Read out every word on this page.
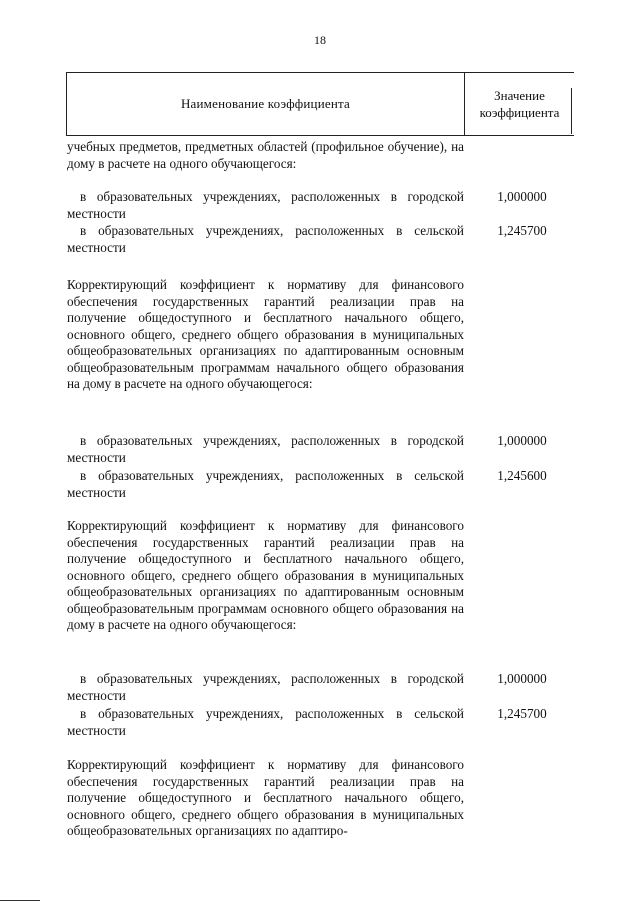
18
Наименование коэффициента
Значение
коэффициента
учебных предметов, предметных областей (профильное обучение), на дому в расчете на одного обучающегося:
в образовательных учреждениях, расположенных в городской местности
1,000000
в образовательных учреждениях, расположенных в сельской местности
1,245700
Корректирующий коэффициент к нормативу для финансового обеспечения государственных гарантий реализации прав на получение общедоступного и бесплатного начального общего, основного общего, среднего общего образования в муниципальных общеобразовательных организациях по адаптированным основным общеобразовательным программам начального общего образования на дому в расчете на одного обучающегося:
в образовательных учреждениях, расположенных в городской местности
1,000000
в образовательных учреждениях, расположенных в сельской местности
1,245600
Корректирующий коэффициент к нормативу для финансового обеспечения государственных гарантий реализации прав на получение общедоступного и бесплатного начального общего, основного общего, среднего общего образования в муниципальных общеобразовательных организациях по адаптированным основным общеобразовательным программам основного общего образования на дому в расчете на одного обучающегося:
в образовательных учреждениях, расположенных в городской местности
1,000000
в образовательных учреждениях, расположенных в сельской местности
1,245700
Корректирующий коэффициент к нормативу для финансового обеспечения государственных гарантий реализации прав на получение общедоступного и бесплатного начального общего, основного общего, среднего общего образования в муниципальных общеобразовательных организациях по адаптиро-
